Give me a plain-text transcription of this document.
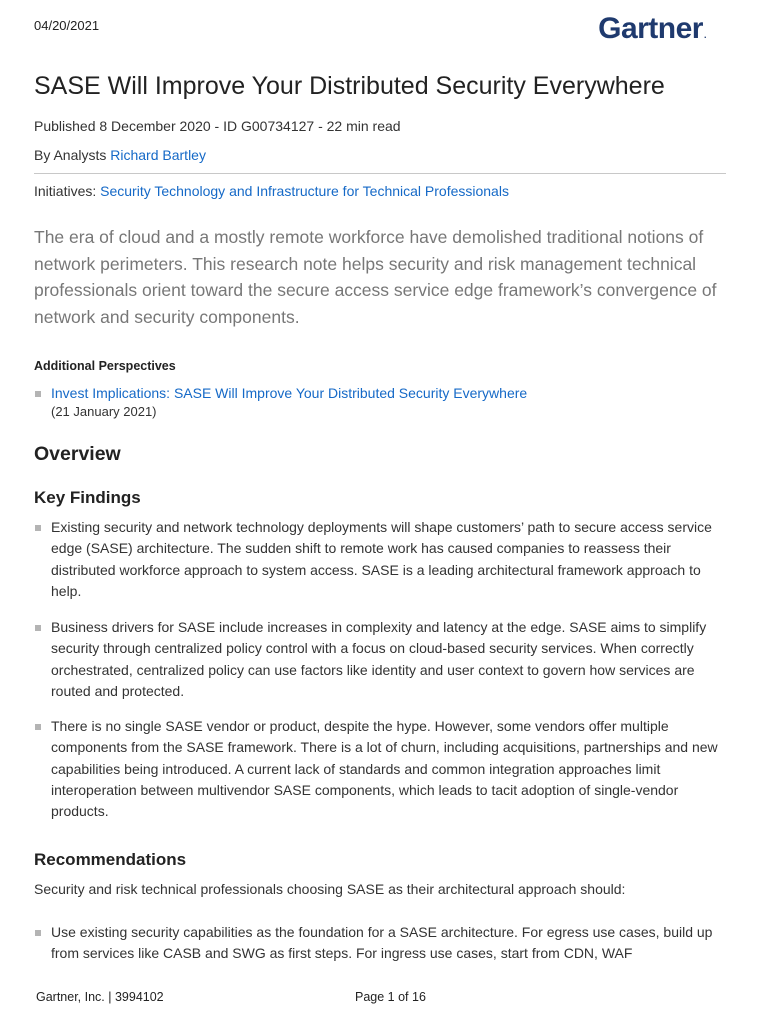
04/20/2021	Gartner.
SASE Will Improve Your Distributed Security Everywhere
Published 8 December 2020 - ID G00734127 - 22 min read
By Analysts Richard Bartley
Initiatives: Security Technology and Infrastructure for Technical Professionals

The era of cloud and a mostly remote workforce have demolished traditional notions of network perimeters. This research note helps security and risk management technical professionals orient toward the secure access service edge framework’s convergence of network and security components.

Additional Perspectives
Invest Implications: SASE Will Improve Your Distributed Security Everywhere
(21 January 2021)
Overview
Key Findings

Existing security and network technology deployments will shape customers’ path to secure access service edge (SASE) architecture. The sudden shift to remote work has caused companies to reassess their distributed workforce approach to system access. SASE is a leading architectural framework approach to help.

Business drivers for SASE include increases in complexity and latency at the edge. SASE aims to simplify security through centralized policy control with a focus on cloud-based security services. When correctly orchestrated, centralized policy can use factors like identity and user context to govern how services are routed and protected.

There is no single SASE vendor or product, despite the hype. However, some vendors offer multiple components from the SASE framework. There is a lot of churn, including acquisitions, partnerships and new capabilities being introduced. A current lack of standards and common integration approaches limit interoperation between multivendor SASE components, which leads to tacit adoption of single-vendor products.

Recommendations
Security and risk technical professionals choosing SASE as their architectural approach should:

Use existing security capabilities as the foundation for a SASE architecture. For egress use cases, build up from services like CASB and SWG as first steps. For ingress use cases, start from CDN, WAF

Gartner, Inc. | 3994102	Page 1 of 16
